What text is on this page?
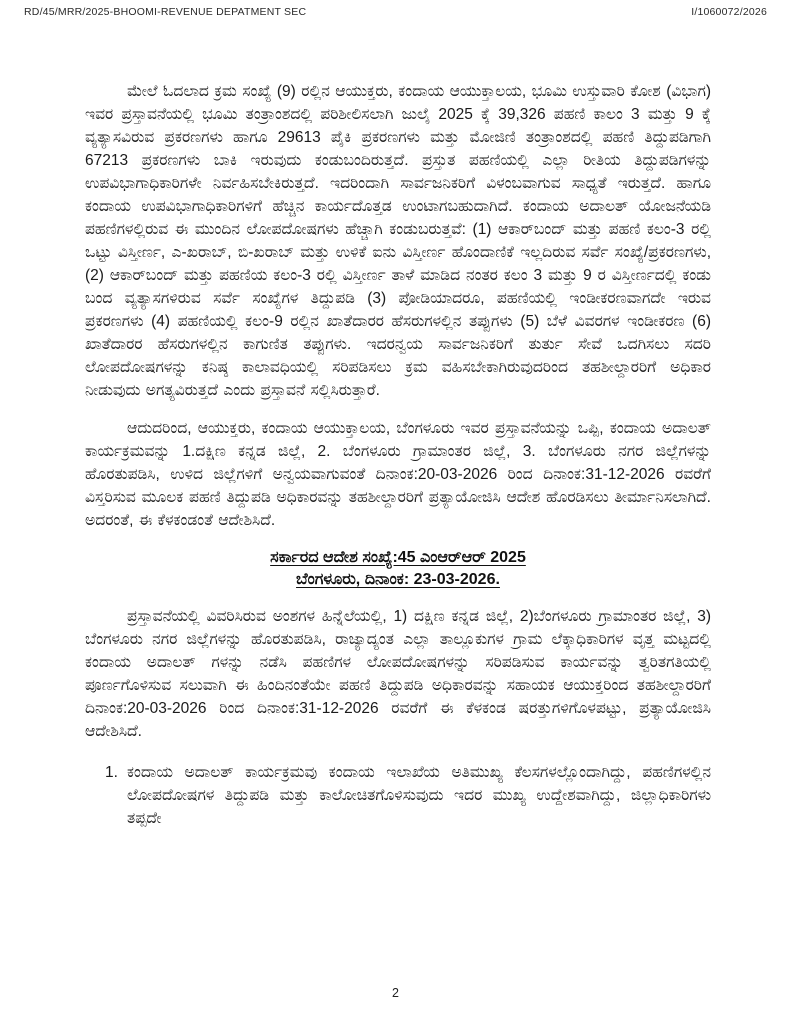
RD/45/MRR/2025-BHOOMI-REVENUE DEPATMENT SEC	I/1060072/2026

ಮೇಲೆ ಓದಲಾದ ಕ್ರಮ ಸಂಖ್ಯೆ (9) ರಲ್ಲಿನ ಆಯುಕ್ತರು, ಕಂದಾಯ ಆಯುಕ್ತಾಲಯ, ಭೂಮಿ ಉಸ್ತುವಾರಿ ಕೋಶ (ವಿಭಾಗ) ಇವರ ಪ್ರಸ್ತಾವನೆಯಲ್ಲಿ ಭೂಮಿ ತಂತ್ರಾಂಶದಲ್ಲಿ ಪರಿಶೀಲಿಸಲಾಗಿ ಜುಲೈ 2025 ಕ್ಕೆ 39,326 ಪಹಣಿ ಕಾಲಂ 3 ಮತ್ತು 9 ಕ್ಕೆ ವ್ಯತ್ಯಾಸವಿರುವ ಪ್ರಕರಣಗಳು ಹಾಗೂ 29613 ಪೈಕಿ ಪ್ರಕರಣಗಳು ಮತ್ತು ಮೋಜಿಣಿ ತಂತ್ರಾಂಶದಲ್ಲಿ ಪಹಣಿ ತಿದ್ದುಪಡಿಗಾಗಿ 67213 ಪ್ರಕರಣಗಳು ಬಾಕಿ ಇರುವುದು ಕಂಡುಬಂದಿರುತ್ತದೆ. ಪ್ರಸ್ತುತ ಪಹಣಿಯಲ್ಲಿ ಎಲ್ಲಾ ರೀತಿಯ ತಿದ್ದುಪಡಿಗಳನ್ನು ಉಪವಿಭಾಗಾಧಿಕಾರಿಗಳೇ ನಿರ್ವಹಿಸಬೇಕಿರುತ್ತದೆ. ಇದರಿಂದಾಗಿ ಸಾರ್ವಜನಿಕರಿಗೆ ವಿಳಂಬವಾಗುವ ಸಾಧ್ಯತೆ ಇರುತ್ತದೆ. ಹಾಗೂ ಕಂದಾಯ ಉಪವಿಭಾಗಾಧಿಕಾರಿಗಳಿಗೆ ಹೆಚ್ಚಿನ ಕಾರ್ಯದೊತ್ತಡ ಉಂಟಾಗಬಹುದಾಗಿದೆ. ಕಂದಾಯ ಅದಾಲತ್ ಯೋಜನೆಯಡಿ ಪಹಣಿಗಳಲ್ಲಿರುವ ಈ ಮುಂದಿನ ಲೋಪದೋಷಗಳು ಹೆಚ್ಚಾಗಿ ಕಂಡುಬರುತ್ತವೆ: (1) ಆಕಾರ್‌ಬಂದ್ ಮತ್ತು ಪಹಣಿ ಕಲಂ-3 ರಲ್ಲಿ ಒಟ್ಟು ವಿಸ್ತೀರ್ಣ, ಎ-ಖರಾಬ್, ಬಿ-ಖರಾಬ್ ಮತ್ತು ಉಳಿಕೆ ಐನು ವಿಸ್ತೀರ್ಣ ಹೊಂದಾಣಿಕೆ ಇಲ್ಲದಿರುವ ಸರ್ವೆ ಸಂಖ್ಯೆ/ಪ್ರಕರಣಗಳು, (2) ಆಕಾರ್‌ಬಂದ್ ಮತ್ತು ಪಹಣಿಯ ಕಲಂ-3 ರಲ್ಲಿ ವಿಸ್ತೀರ್ಣ ತಾಳೆ ಮಾಡಿದ ನಂತರ ಕಲಂ 3 ಮತ್ತು 9 ರ ವಿಸ್ತೀರ್ಣದಲ್ಲಿ ಕಂಡು ಬಂದ ವ್ಯತ್ಯಾಸಗಳಿರುವ ಸರ್ವೆ ಸಂಖ್ಯೆಗಳ ತಿದ್ದುಪಡಿ (3) ಪೋಡಿಯಾದರೂ, ಪಹಣಿಯಲ್ಲಿ ಇಂಡೀಕರಣವಾಗದೇ ಇರುವ ಪ್ರಕರಣಗಳು (4) ಪಹಣಿಯಲ್ಲಿ ಕಲಂ-9 ರಲ್ಲಿನ ಖಾತೆದಾರರ ಹೆಸರುಗಳಲ್ಲಿನ ತಪ್ಪುಗಳು (5) ಬೆಳೆ ವಿವರಗಳ ಇಂಡೀಕರಣ (6) ಖಾತೆದಾರರ ಹೆಸರುಗಳಲ್ಲಿನ ಕಾಗುಣಿತ ತಪ್ಪುಗಳು. ಇದರನ್ವಯ ಸಾರ್ವಜನಿಕರಿಗೆ ತುರ್ತು ಸೇವೆ ಒದಗಿಸಲು ಸದರಿ ಲೋಪದೋಷಗಳನ್ನು ಕನಿಷ್ಠ ಕಾಲಾವಧಿಯಲ್ಲಿ ಸರಿಪಡಿಸಲು ಕ್ರಮ ವಹಿಸಬೇಕಾಗಿರುವುದರಿಂದ ತಹಶೀಲ್ದಾರರಿಗೆ ಅಧಿಕಾರ ನೀಡುವುದು ಅಗತ್ಯವಿರುತ್ತದೆ ಎಂದು ಪ್ರಸ್ತಾವನೆ ಸಲ್ಲಿಸಿರುತ್ತಾರೆ.

ಆದುದರಿಂದ, ಆಯುಕ್ತರು, ಕಂದಾಯ ಆಯುಕ್ತಾಲಯ, ಬೆಂಗಳೂರು ಇವರ ಪ್ರಸ್ತಾವನೆಯನ್ನು ಒಪ್ಪಿ, ಕಂದಾಯ ಅದಾಲತ್ ಕಾರ್ಯಕ್ರಮವನ್ನು 1.ದಕ್ಷಿಣ ಕನ್ನಡ ಜಿಲ್ಲೆ, 2. ಬೆಂಗಳೂರು ಗ್ರಾಮಾಂತರ ಜಿಲ್ಲೆ, 3. ಬೆಂಗಳೂರು ನಗರ ಜಿಲ್ಲೆಗಳನ್ನು ಹೊರತುಪಡಿಸಿ, ಉಳಿದ ಜಿಲ್ಲೆಗಳಿಗೆ ಅನ್ವಯವಾಗುವಂತೆ ದಿನಾಂಕ:20-03-2026 ರಿಂದ ದಿನಾಂಕ:31-12-2026 ರವರೆಗೆ ವಿಸ್ತರಿಸುವ ಮೂಲಕ ಪಹಣಿ ತಿದ್ದುಪಡಿ ಅಧಿಕಾರವನ್ನು ತಹಶೀಲ್ದಾರರಿಗೆ ಪ್ರತ್ಯಾಯೋಜಿಸಿ ಆದೇಶ ಹೊರಡಿಸಲು ತೀರ್ಮಾನಿಸಲಾಗಿದೆ. ಅದರಂತೆ, ಈ ಕೆಳಕಂಡಂತೆ ಆದೇಶಿಸಿದೆ.

ಸರ್ಕಾರದ ಆದೇಶ ಸಂಖ್ಯೆ:45 ಎಂಆರ್‌ಆರ್ 2025
ಬೆಂಗಳೂರು, ದಿನಾಂಕ: 23-03-2026.

ಪ್ರಸ್ತಾವನೆಯಲ್ಲಿ ವಿವರಿಸಿರುವ ಅಂಶಗಳ ಹಿನ್ನೆಲೆಯಲ್ಲಿ, 1) ದಕ್ಷಿಣ ಕನ್ನಡ ಜಿಲ್ಲೆ, 2)ಬೆಂಗಳೂರು ಗ್ರಾಮಾಂತರ ಜಿಲ್ಲೆ, 3) ಬೆಂಗಳೂರು ನಗರ ಜಿಲ್ಲೆಗಳನ್ನು ಹೊರತುಪಡಿಸಿ, ರಾಜ್ಯಾದ್ಯಂತ ಎಲ್ಲಾ ತಾಲ್ಲೂಕುಗಳ ಗ್ರಾಮ ಲೆಕ್ಕಾಧಿಕಾರಿಗಳ ವೃತ್ತ ಮಟ್ಟದಲ್ಲಿ ಕಂದಾಯ ಅದಾಲತ್ ಗಳನ್ನು ನಡೆಸಿ ಪಹಣಿಗಳ ಲೋಪದೋಷಗಳನ್ನು ಸರಿಪಡಿಸುವ ಕಾರ್ಯವನ್ನು ತ್ವರಿತಗತಿಯಲ್ಲಿ ಪೂರ್ಣಗೊಳಿಸುವ ಸಲುವಾಗಿ ಈ ಹಿಂದಿನಂತೆಯೇ ಪಹಣಿ ತಿದ್ದುಪಡಿ ಅಧಿಕಾರವನ್ನು ಸಹಾಯಕ ಆಯುಕ್ತರಿಂದ ತಹಶೀಲ್ದಾರರಿಗೆ ದಿನಾಂಕ:20-03-2026 ರಿಂದ ದಿನಾಂಕ:31-12-2026 ರವರೆಗೆ ಈ ಕೆಳಕಂಡ ಷರತ್ತುಗಳಿಗೊಳಪಟ್ಟು, ಪ್ರತ್ಯಾಯೋಜಿಸಿ ಆದೇಶಿಸಿದೆ.

1. ಕಂದಾಯ ಅದಾಲತ್ ಕಾರ್ಯಕ್ರಮವು ಕಂದಾಯ ಇಲಾಖೆಯ ಅತಿಮುಖ್ಯ ಕೆಲಸಗಳಲ್ಲೊಂದಾಗಿದ್ದು, ಪಹಣಿಗಳಲ್ಲಿನ ಲೋಪದೋಷಗಳ ತಿದ್ದುಪಡಿ ಮತ್ತು ಕಾಲೋಚಿತಗೊಳಿಸುವುದು ಇದರ ಮುಖ್ಯ ಉದ್ದೇಶವಾಗಿದ್ದು, ಜಿಲ್ಲಾಧಿಕಾರಿಗಳು ತಪ್ಪದೇ
2
